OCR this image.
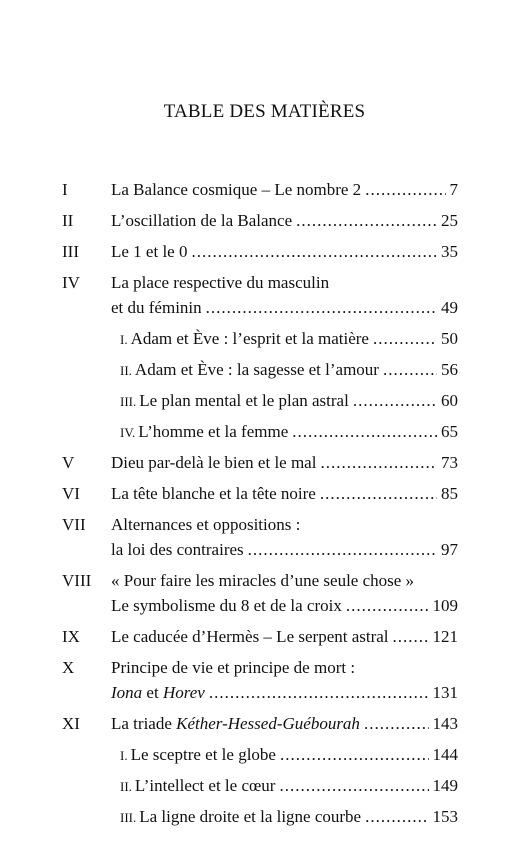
TABLE DES MATIÈRES
I	La Balance cosmique – Le nombre 2 .....	7
II L’oscillation de la Balance .....	25
III Le 1 et le 0 .....	35
IV La place respective du masculin
et du féminin .....	49
I. Adam et Ève : l’esprit et la matière .....	50
II. Adam et Ève : la sagesse et l’amour .....	56
III. Le plan mental et le plan astral .....	60
IV. L’homme et la femme .....	65
V Dieu par-delà le bien et le mal .....	73
VI La tête blanche et la tête noire .....	85
VII Alternances et oppositions :
la loi des contraires .....	97
VIII « Pour faire les miracles d’une seule chose »
Le symbolisme du 8 et de la croix .....	109
IX Le caducée d’Hermès – Le serpent astral .....	121
X Principe de vie et principe de mort :
Iona et Horev .....	131
XI La triade Kéther-Hessed-Guébourah .....	143
I. Le sceptre et le globe .....	144
II. L’intellect et le cœur .....	149
III. La ligne droite et la ligne courbe .....	153
